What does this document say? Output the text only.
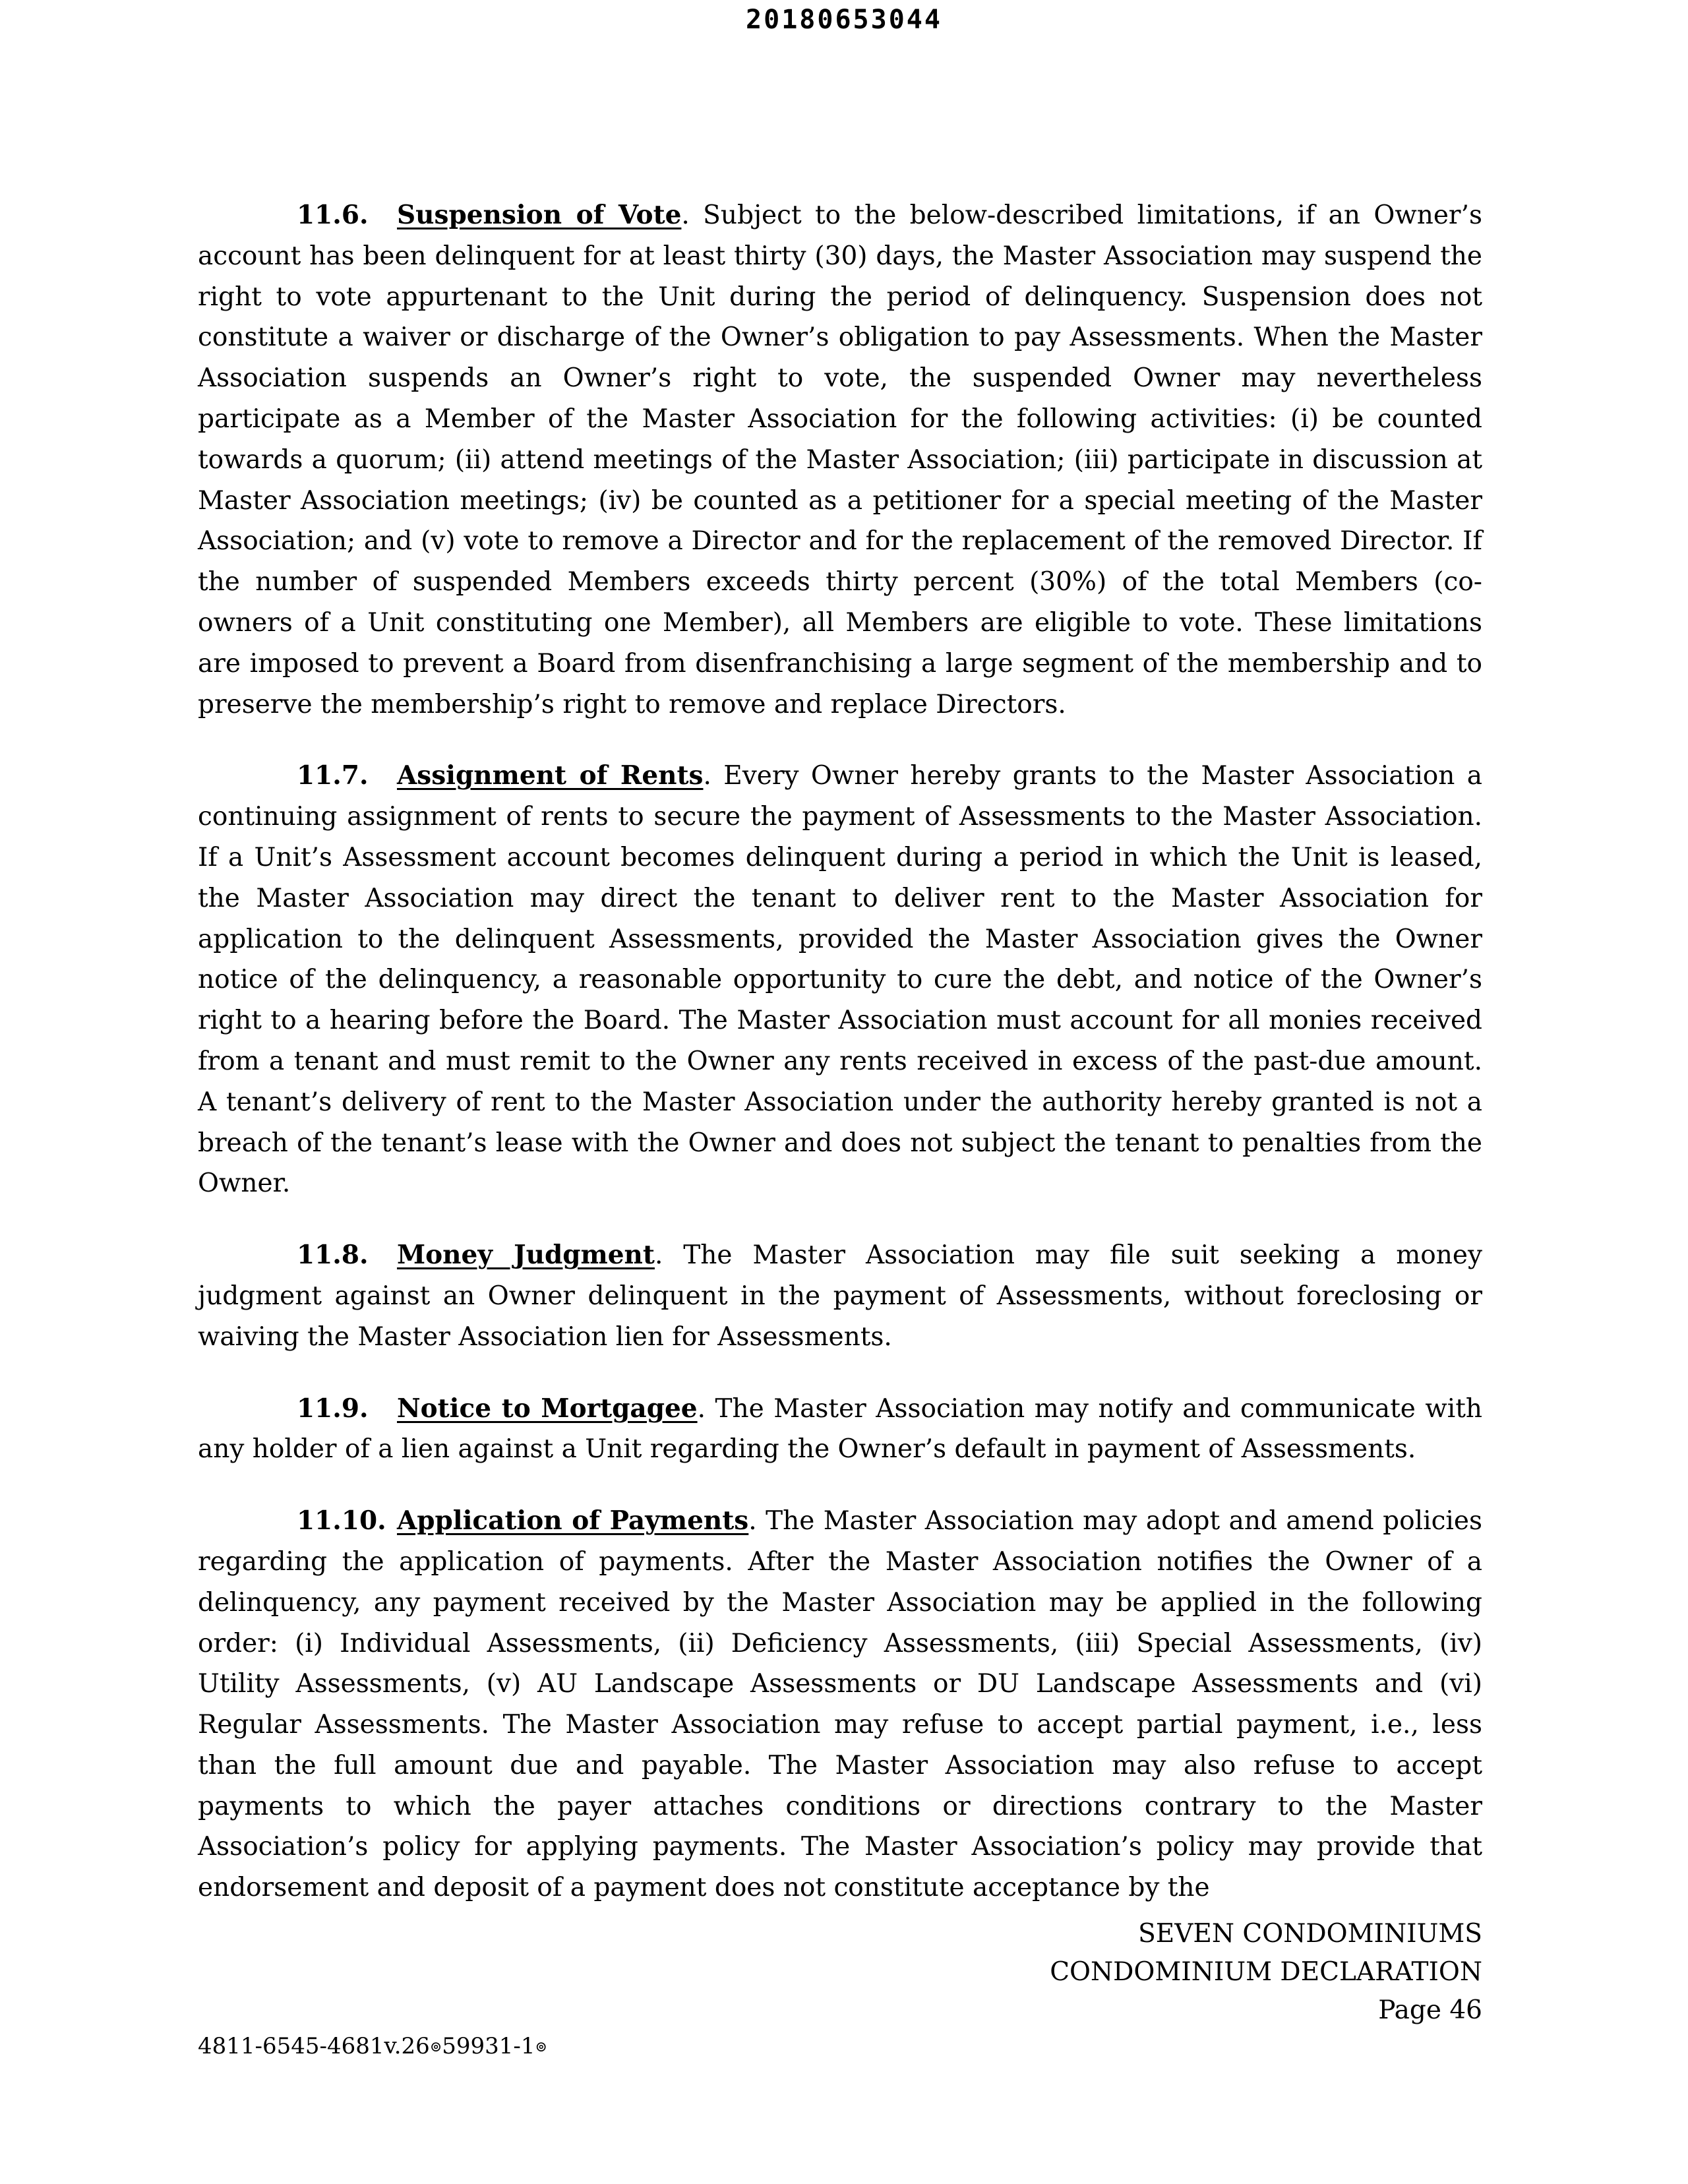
20180653044

11.6. Suspension of Vote. Subject to the below-described limitations, if an Owner’s account has been delinquent for at least thirty (30) days, the Master Association may suspend the right to vote appurtenant to the Unit during the period of delinquency. Suspension does not constitute a waiver or discharge of the Owner’s obligation to pay Assessments. When the Master Association suspends an Owner’s right to vote, the suspended Owner may nevertheless participate as a Member of the Master Association for the following activities: (i) be counted towards a quorum; (ii) attend meetings of the Master Association; (iii) participate in discussion at Master Association meetings; (iv) be counted as a petitioner for a special meeting of the Master Association; and (v) vote to remove a Director and for the replacement of the removed Director. If the number of suspended Members exceeds thirty percent (30%) of the total Members (co-owners of a Unit constituting one Member), all Members are eligible to vote. These limitations are imposed to prevent a Board from disenfranchising a large segment of the membership and to preserve the membership’s right to remove and replace Directors.

11.7. Assignment of Rents. Every Owner hereby grants to the Master Association a continuing assignment of rents to secure the payment of Assessments to the Master Association. If a Unit’s Assessment account becomes delinquent during a period in which the Unit is leased, the Master Association may direct the tenant to deliver rent to the Master Association for application to the delinquent Assessments, provided the Master Association gives the Owner notice of the delinquency, a reasonable opportunity to cure the debt, and notice of the Owner’s right to a hearing before the Board. The Master Association must account for all monies received from a tenant and must remit to the Owner any rents received in excess of the past-due amount. A tenant’s delivery of rent to the Master Association under the authority hereby granted is not a breach of the tenant’s lease with the Owner and does not subject the tenant to penalties from the Owner.

11.8. Money Judgment. The Master Association may file suit seeking a money judgment against an Owner delinquent in the payment of Assessments, without foreclosing or waiving the Master Association lien for Assessments.

11.9. Notice to Mortgagee. The Master Association may notify and communicate with any holder of a lien against a Unit regarding the Owner’s default in payment of Assessments.

11.10. Application of Payments. The Master Association may adopt and amend policies regarding the application of payments. After the Master Association notifies the Owner of a delinquency, any payment received by the Master Association may be applied in the following order: (i) Individual Assessments, (ii) Deficiency Assessments, (iii) Special Assessments, (iv) Utility Assessments, (v) AU Landscape Assessments or DU Landscape Assessments and (vi) Regular Assessments. The Master Association may refuse to accept partial payment, i.e., less than the full amount due and payable. The Master Association may also refuse to accept payments to which the payer attaches conditions or directions contrary to the Master Association’s policy for applying payments. The Master Association’s policy may provide that endorsement and deposit of a payment does not constitute acceptance by the

SEVEN CONDOMINIUMS
CONDOMINIUM DECLARATION
Page 46
4811-6545-4681v.26⊚59931-1⊚
